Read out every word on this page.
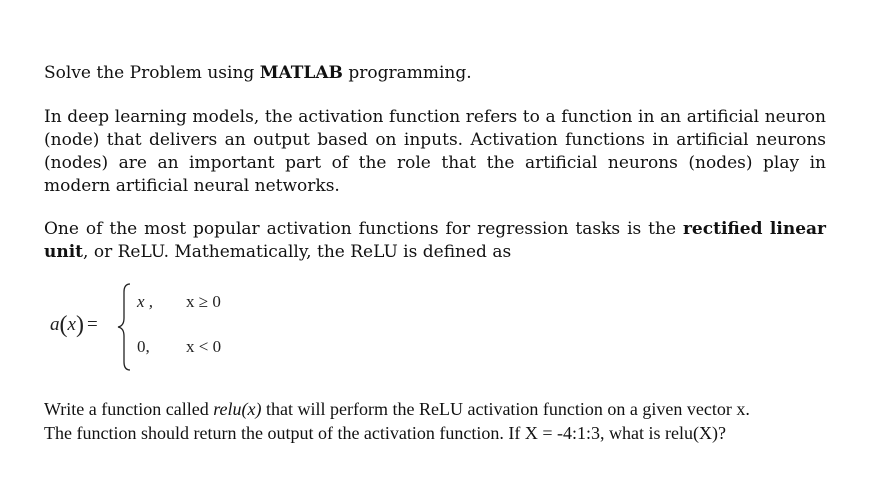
Solve the Problem using MATLAB programming.

In deep learning models, the activation function refers to a function in an artificial neuron (node) that delivers an output based on inputs. Activation functions in artificial neurons (nodes) are an important part of the role that the artificial neurons (nodes) play in modern artificial neural networks.

One of the most popular activation functions for regression tasks is the rectified linear unit, or ReLU. Mathematically, the ReLU is defined as

a(x) =
x , x ≥ 0
0, x < 0

Write a function called relu(x) that will perform the ReLU activation function on a given vector x.
The function should return the output of the activation function. If X = -4:1:3, what is relu(X)?
